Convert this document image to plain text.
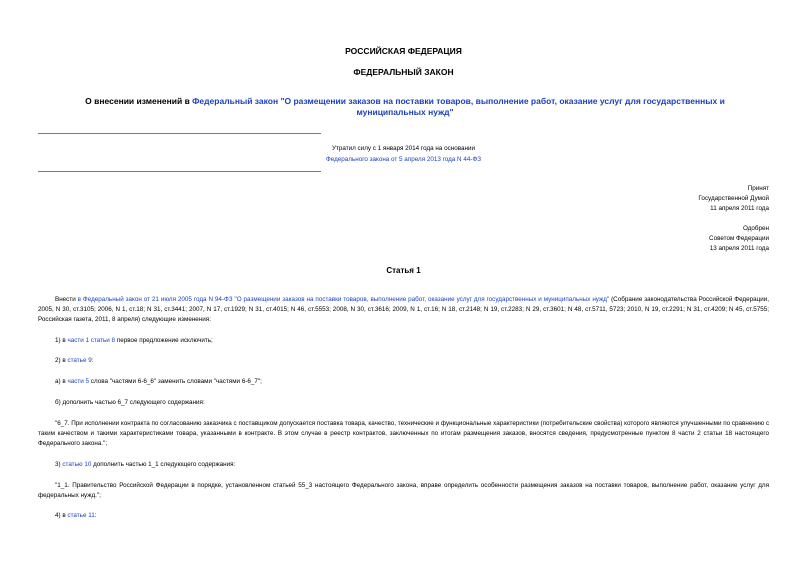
РОССИЙСКАЯ ФЕДЕРАЦИЯ
ФЕДЕРАЛЬНЫЙ ЗАКОН
О внесении изменений в Федеральный закон "О размещении заказов на поставки товаров, выполнение работ, оказание услуг для государственных и
муниципальных нужд"
Утратил силу с 1 января 2014 года на основании
Федерального закона от 5 апреля 2013 года N 44-ФЗ
Принят
Государственной Думой
11 апреля 2011 года
Одобрен
Советом Федерации
13 апреля 2011 года
Статья 1
Внести в Федеральный закон от 21 июля 2005 года N 94-ФЗ "О размещении заказов на поставки товаров, выполнение работ, оказание услуг для государственных и муниципальных нужд" (Собрание законодательства Российской Федерации, 2005, N 30, ст.3105; 2006, N 1, ст.18; N 31, ст.3441; 2007, N 17, ст.1929; N 31, ст.4015; N 46, ст.5553; 2008, N 30, ст.3616; 2009, N 1, ст.16; N 18, ст.2148; N 19, ст.2283; N 29, ст.3601; N 48, ст.5711, 5723; 2010, N 19, ст.2291; N 31, ст.4209; N 45, ст.5755; Российская газета, 2011, 8 апреля) следующие изменения:
1) в части 1 статьи 8 первое предложение исключить;
2) в статье 9:
а) в части 5 слова "частями 6-6_6" заменить словами "частями 6-6_7";
б) дополнить частью 6_7 следующего содержания:
"6_7. При исполнении контракта по согласованию заказчика с поставщиком допускается поставка товара, качество, технические и функциональные характеристики (потребительские свойства) которого являются улучшенными по сравнению с таким качеством и такими характеристиками товара, указанными в контракте. В этом случае в реестр контрактов, заключенных по итогам размещения заказов, вносятся сведения, предусмотренные пунктом 8 части 2 статьи 18 настоящего Федерального закона.";
3) статью 10 дополнить частью 1_1 следующего содержания:
"1_1. Правительство Российской Федерации в порядке, установленном статьей 55_3 настоящего Федерального закона, вправе определить особенности размещения заказов на поставки товаров, выполнение работ, оказание услуг для федеральных нужд.";
4) в статье 11:
